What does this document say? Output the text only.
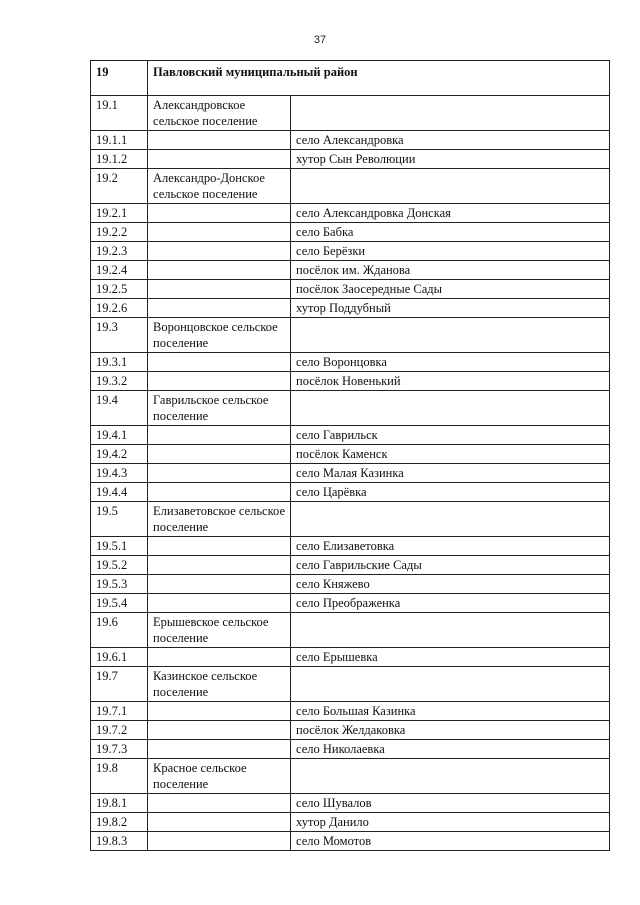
37
19	Павловский муниципальный район	
19.1	Александровское сельское поселение	
19.1.1		село Александровка
19.1.2		хутор Сын Революции
19.2	Александро-Донское сельское поселение	
19.2.1		село Александровка Донская
19.2.2		село Бабка
19.2.3		село Берёзки
19.2.4		посёлок им. Жданова
19.2.5		посёлок Заосередные Сады
19.2.6		хутор Поддубный
19.3	Воронцовское сельское поселение	
19.3.1		село Воронцовка
19.3.2		посёлок Новенький
19.4	Гаврильское сельское поселение	
19.4.1		село Гаврильск
19.4.2		посёлок Каменск
19.4.3		село Малая Казинка
19.4.4		село Царёвка
19.5	Елизаветовское сельское поселение	
19.5.1		село Елизаветовка
19.5.2		село Гаврильские Сады
19.5.3		село Княжево
19.5.4		село Преображенка
19.6	Ерышевское сельское поселение	
19.6.1		село Ерышевка
19.7	Казинское сельское поселение	
19.7.1		село Большая Казинка
19.7.2		посёлок Желдаковка
19.7.3		село Николаевка
19.8	Красное сельское поселение	
19.8.1		село Шувалов
19.8.2		хутор Данило
19.8.3		село Момотов
